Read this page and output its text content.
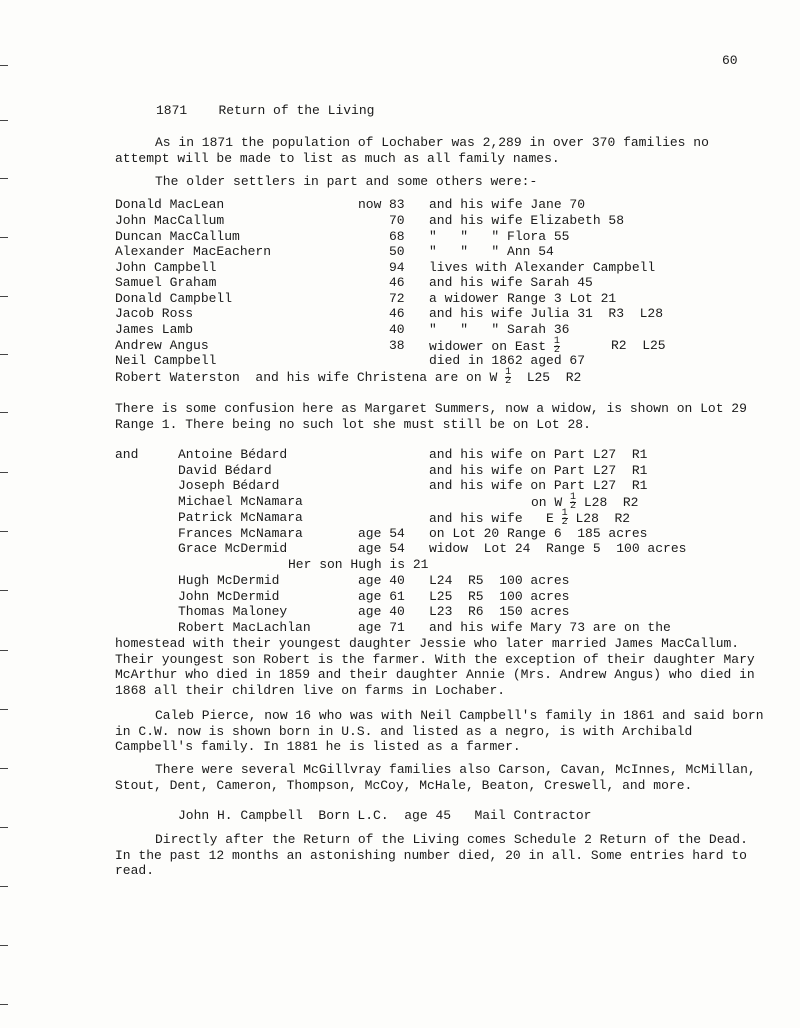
60
1871 Return of the Living

As in 1871 the population of Lochaber was 2,289 in over 370 families no attempt will be made to list as much as all family names.

The older settlers in part and some others were:-

Donald MacLean	now 83 and his wife Jane 70
John MacCallum	70 and his wife Elizabeth 58
Duncan MacCallum	68 "   "   " Flora 55
Alexander MacEachern	50 "   "   " Ann 54
John Campbell	94 lives with Alexander Campbell
Samuel Graham	46 and his wife Sarah 45
Donald Campbell	72 a widower Range 3 Lot 21
Jacob Ross	46 and his wife Julia 31  R3  L28
James Lamb	40 "   "   " Sarah 36
Andrew Angus	38 widower on East $\frac{1}{2}$	R2  L25
Neil Campbell	died in 1862 aged 67
Robert Waterston  and his wife Christena are on W $\frac{1}{2} L25$  R2

There is some confusion here as Margaret Summers, now a widow, is shown on Lot 29 Range 1. There being no such lot she must still be on Lot 28.

and	Antoine Bédard	and his wife on Part L27  R1
David Bédard	and his wife on Part L27  R1
Joseph Bédard	and his wife on Part L27  R1
Michael McNamara	on W $\frac{1}{2} L28$  R2
Patrick McNamara	and his wife   E $\frac{1}{2} L28$  R2
Frances McNamara	age 54 on Lot 20 Range 6  185 acres
Grace McDermid	age 54 widow  Lot 24  Range 5  100 acres
Her son Hugh is 21
Hugh McDermid	age 40 L24  R5  100 acres
John McDermid	age 61 L25  R5  100 acres
Thomas Maloney	age 40 L23  R6  150 acres
Robert MacLachlan	age 71 and his wife Mary 73 are on the

homestead with their youngest daughter Jessie who later married James MacCallum. Their youngest son Robert is the farmer. With the exception of their daughter Mary McArthur who died in 1859 and their daughter Annie (Mrs. Andrew Angus) who died in 1868 all their children live on farms in Lochaber.

Caleb Pierce, now 16 who was with Neil Campbell's family in 1861 and said born in C.W. now is shown born in U.S. and listed as a negro, is with Archibald Campbell's family. In 1881 he is listed as a farmer.

There were several McGillvray families also Carson, Cavan, McInnes, McMillan, Stout, Dent, Cameron, Thompson, McCoy, McHale, Beaton, Creswell, and more.

John H. Campbell  Born L.C.  age 45   Mail Contractor

Directly after the Return of the Living comes Schedule 2 Return of the Dead. In the past 12 months an astonishing number died, 20 in all. Some entries hard to read.
